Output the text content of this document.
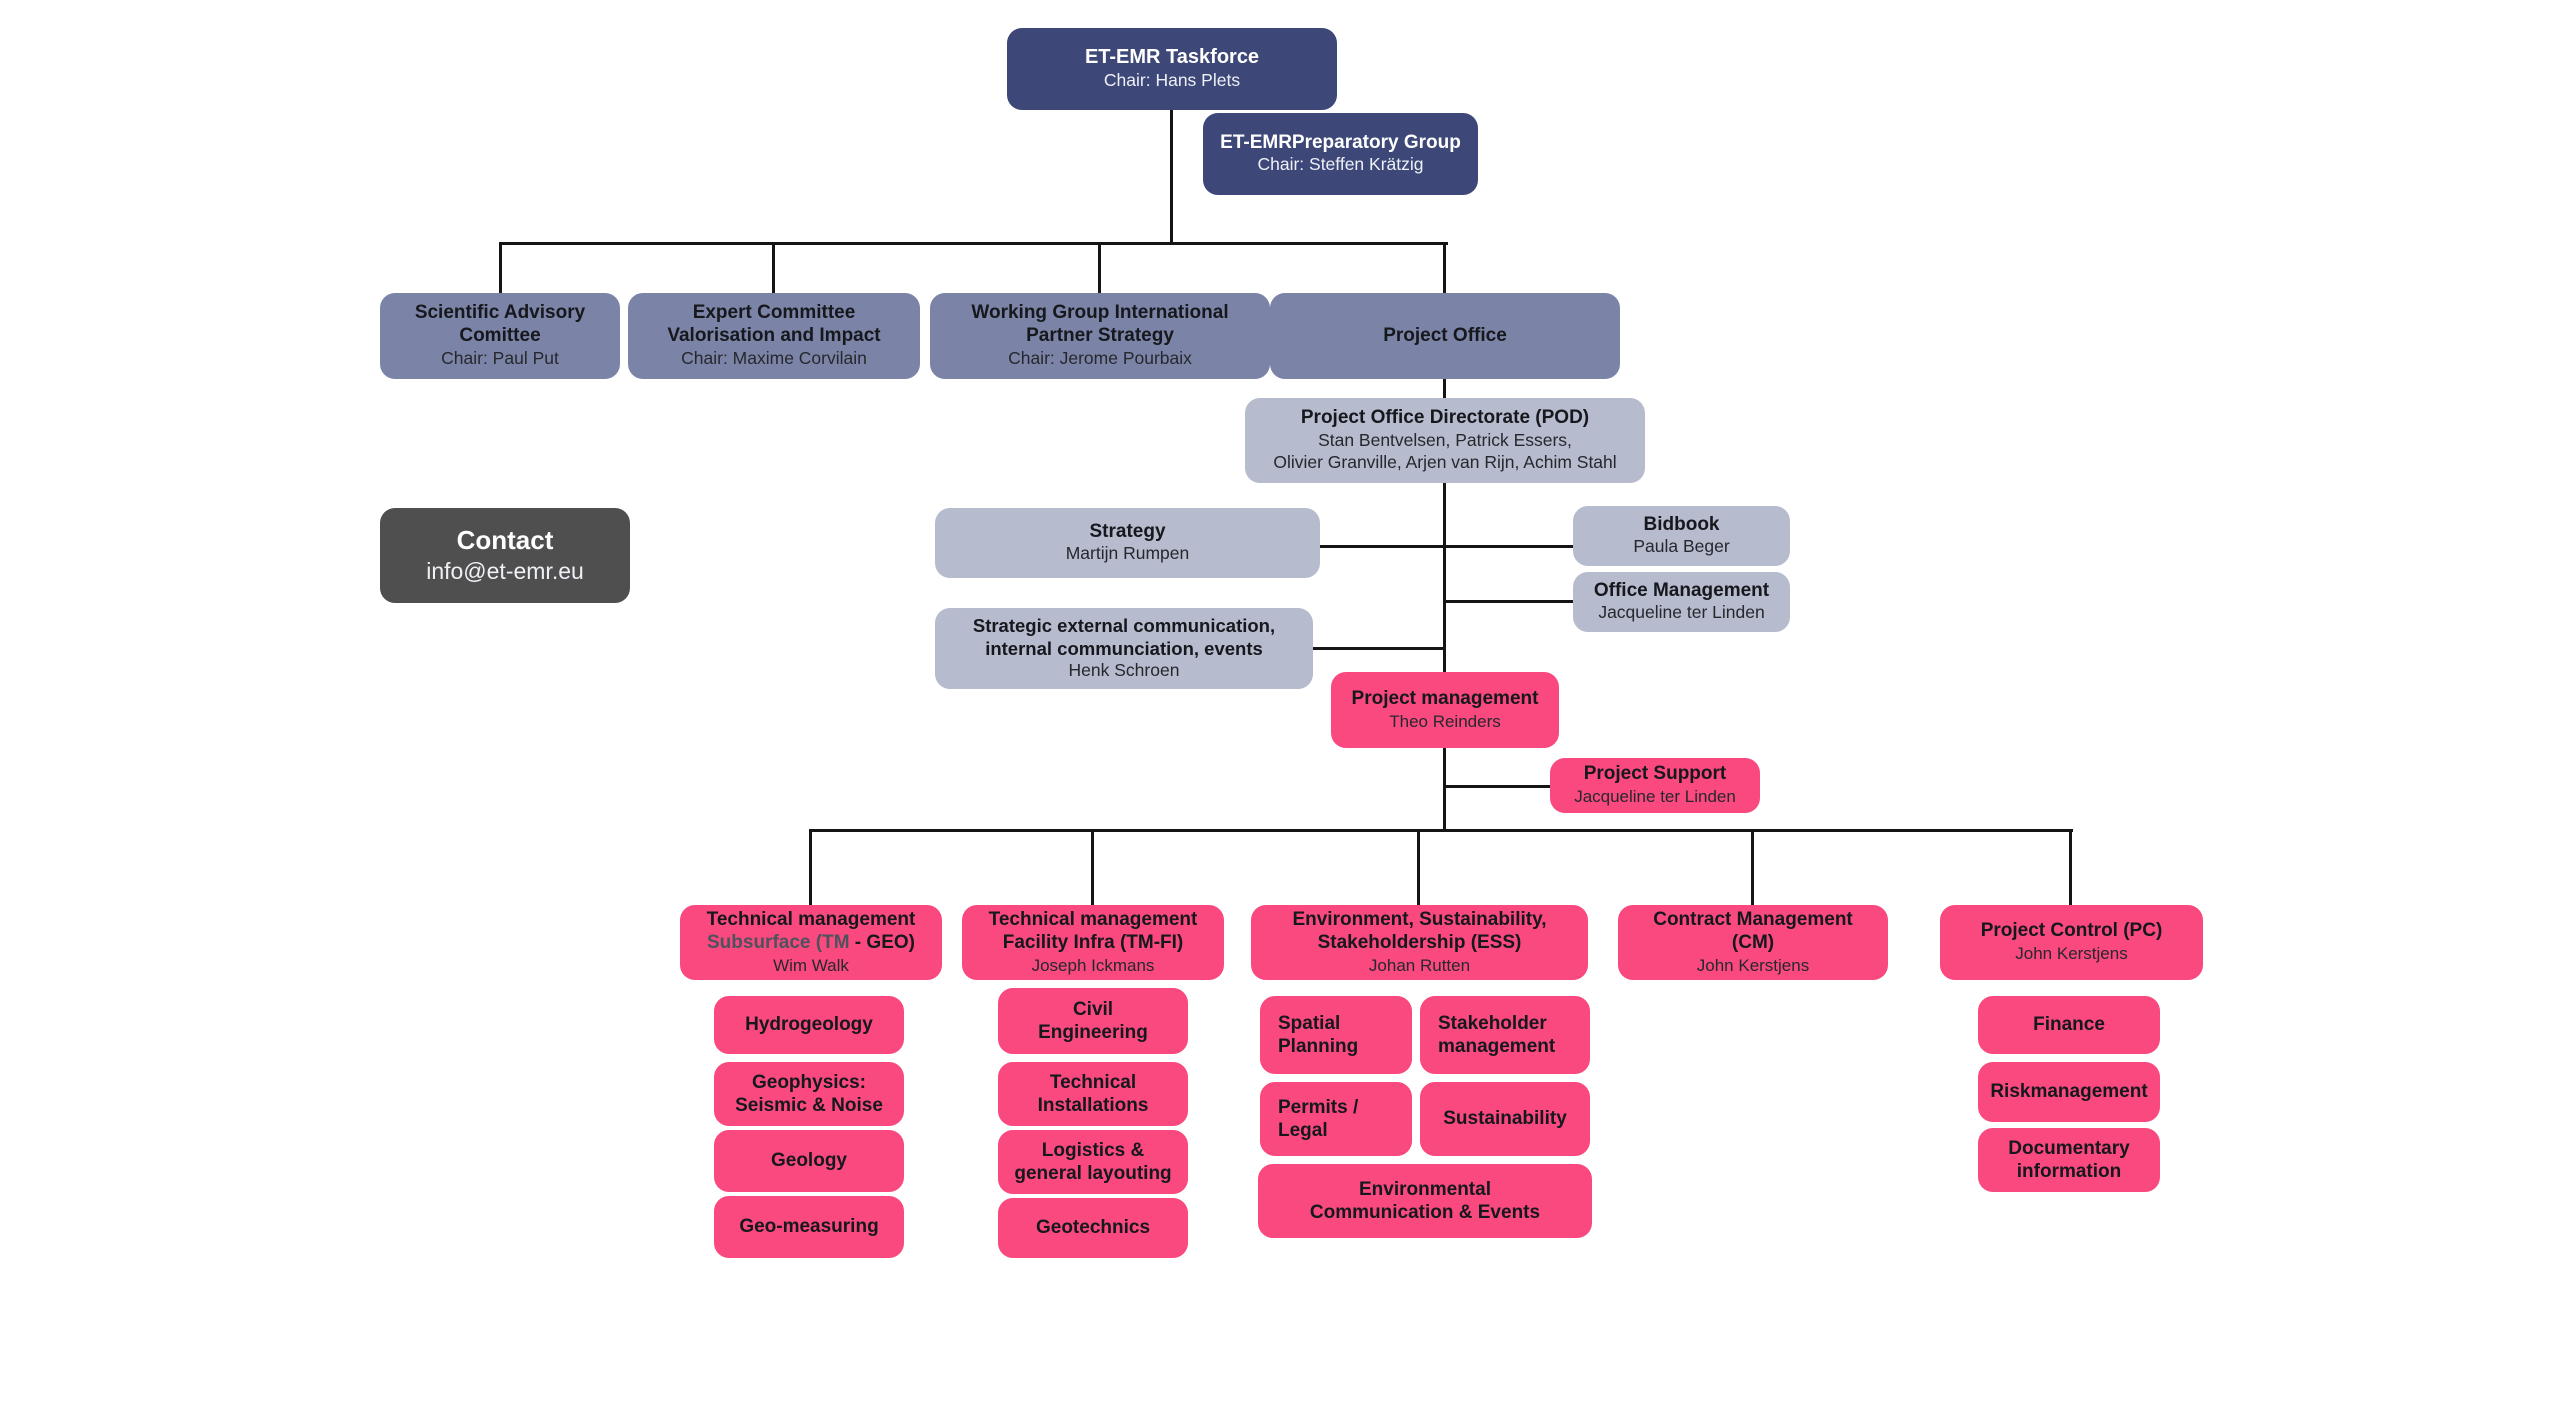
ET-EMR Taskforce
Chair: Hans Plets
ET-EMRPreparatory Group
Chair: Steffen Krätzig
Scientific Advisory
Comittee
Chair: Paul Put
Expert Committee
Valorisation and Impact
Chair: Maxime Corvilain
Working Group International
Partner Strategy
Chair: Jerome Pourbaix
Project Office
Project Office Directorate (POD)
Stan Bentvelsen, Patrick Essers,
Olivier Granville, Arjen van Rijn, Achim Stahl
Strategy
Martijn Rumpen
Bidbook
Paula Beger
Office Management
Jacqueline ter Linden
Strategic external communication,
internal communciation, events
Henk Schroen
Contact
info@et-emr.eu
Project management
Theo Reinders
Project Support
Jacqueline ter Linden
Technical management
Subsurface (TM - GEO)
Wim Walk
Technical management
Facility Infra (TM-FI)
Joseph Ickmans
Environment, Sustainability,
Stakeholdership (ESS)
Johan Rutten
Contract Management
(CM)
John Kerstjens
Project Control (PC)
John Kerstjens
Hydrogeology
Geophysics:
Seismic & Noise
Geology
Geo-measuring
Civil
Engineering
Technical
Installations
Logistics &
general layouting
Geotechnics
Spatial
Planning
Stakeholder
management
Permits /
Legal
Sustainability
Environmental
Communication & Events
Finance
Riskmanagement
Documentary
information
